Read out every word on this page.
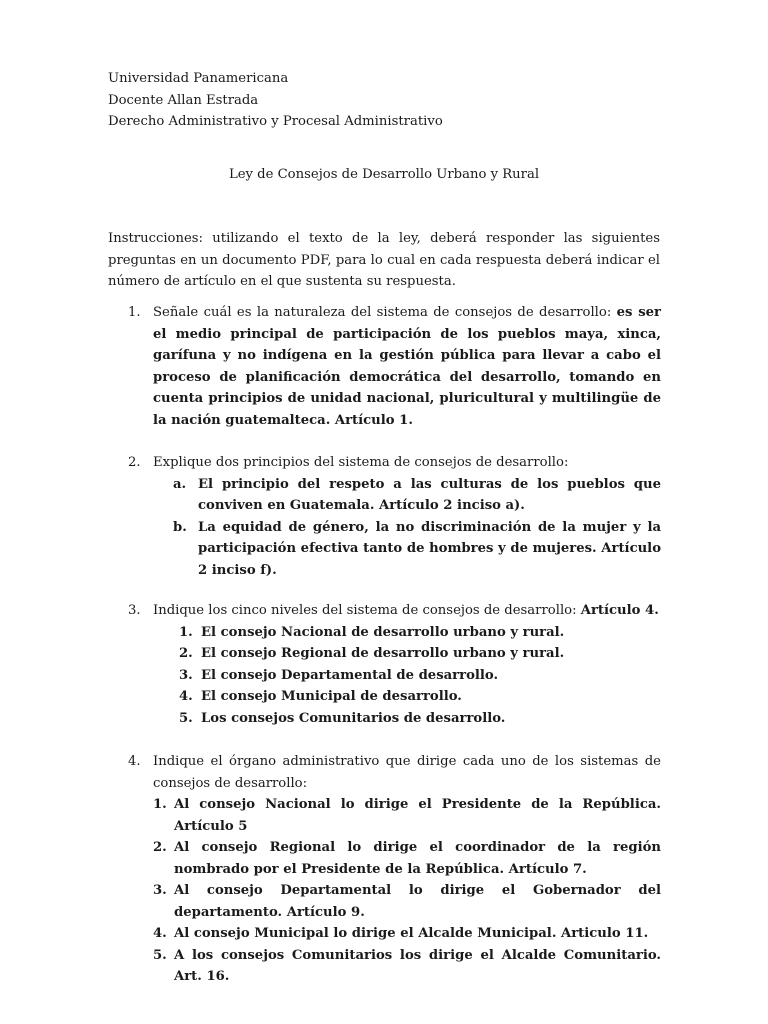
Universidad Panamericana

Docente Allan Estrada

Derecho Administrativo y Procesal Administrativo

Ley de Consejos de Desarrollo Urbano y Rural
Instrucciones: utilizando el texto de la ley, deberá responder las siguientes preguntas en un documento PDF, para lo cual en cada respuesta deberá indicar el número de artículo en el que sustenta su respuesta.
1. Señale cuál es la naturaleza del sistema de consejos de desarrollo: es ser el medio principal de participación de los pueblos maya, xinca, garífuna y no indígena en la gestión pública para llevar a cabo el proceso de planificación democrática del desarrollo, tomando en cuenta principios de unidad nacional, pluricultural y multilingüe de la nación guatemalteca. Artículo 1.
2. Explique dos principios del sistema de consejos de desarrollo:
a. El principio del respeto a las culturas de los pueblos que conviven en Guatemala. Artículo 2 inciso a).
b. La equidad de género, la no discriminación de la mujer y la participación efectiva tanto de hombres y de mujeres. Artículo 2 inciso f).
3. Indique los cinco niveles del sistema de consejos de desarrollo: Artículo 4.
1. El consejo Nacional de desarrollo urbano y rural.
2. El consejo Regional de desarrollo urbano y rural.
3. El consejo Departamental de desarrollo.
4. El consejo Municipal de desarrollo.
5. Los consejos Comunitarios de desarrollo.
4. Indique el órgano administrativo que dirige cada uno de los sistemas de consejos de desarrollo:
1. Al consejo Nacional lo dirige el Presidente de la República. Artículo 5
2. Al consejo Regional lo dirige el coordinador de la región nombrado por el Presidente de la República. Artículo 7.
3. Al consejo Departamental lo dirige el Gobernador del departamento. Artículo 9.
4. Al consejo Municipal lo dirige el Alcalde Municipal. Articulo 11.
5. A los consejos Comunitarios los dirige el Alcalde Comunitario. Art. 16.
